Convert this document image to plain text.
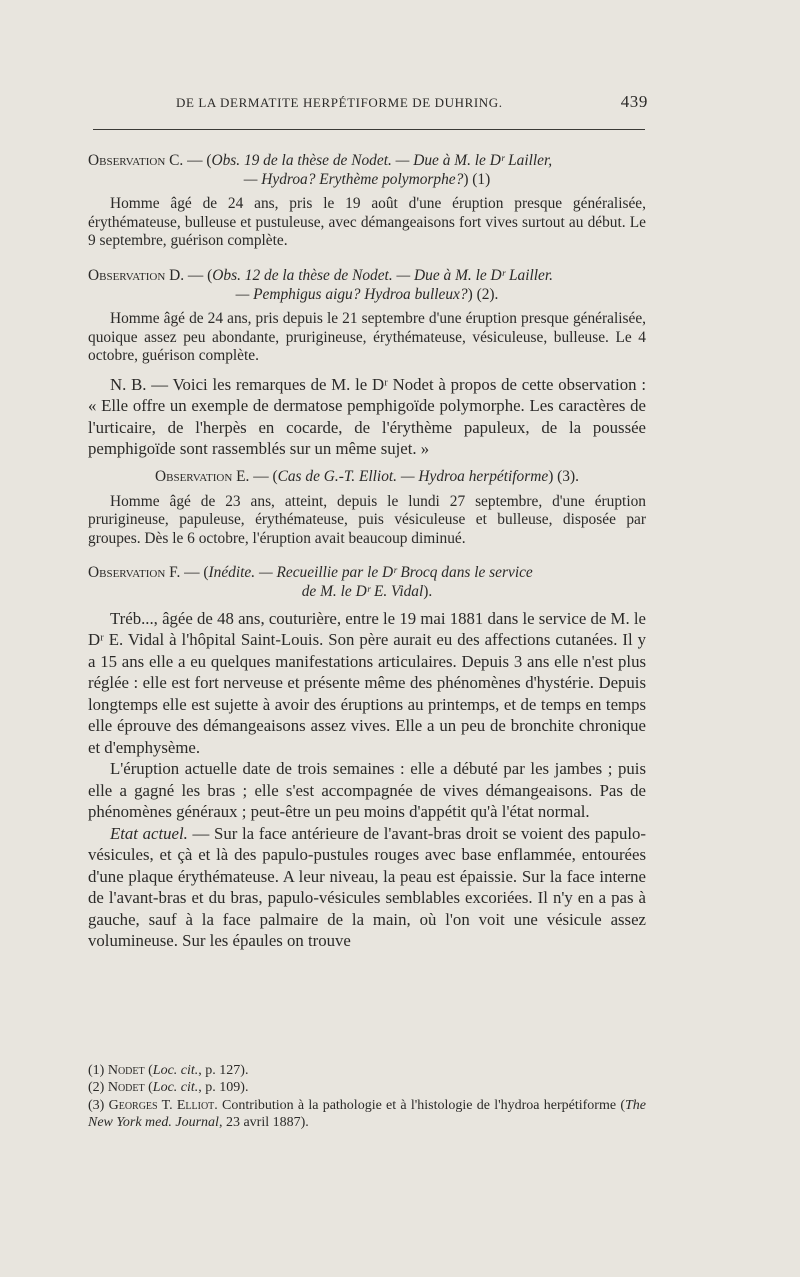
DE LA DERMATITE HERPÉTIFORME DE DUHRING.	439
Observation C. — (Obs. 19 de la thèse de Nodet. — Due à M. le Dʳ Lailler,
— Hydroa? Erythème polymorphe?) (1)

Homme âgé de 24 ans, pris le 19 août d'une éruption presque généralisée, érythémateuse, bulleuse et pustuleuse, avec démangeaisons fort vives surtout au début. Le 9 septembre, guérison complète.

Observation D. — (Obs. 12 de la thèse de Nodet. — Due à M. le Dʳ Lailler.
— Pemphigus aigu? Hydroa bulleux?) (2).

Homme âgé de 24 ans, pris depuis le 21 septembre d'une éruption presque généralisée, quoique assez peu abondante, prurigineuse, érythémateuse, vésiculeuse, bulleuse. Le 4 octobre, guérison complète.

N. B. — Voici les remarques de M. le Dʳ Nodet à propos de cette observation : « Elle offre un exemple de dermatose pemphigoïde polymorphe. Les caractères de l'urticaire, de l'herpès en cocarde, de l'érythème papuleux, de la poussée pemphigoïde sont rassemblés sur un même sujet. »

Observation E. — (Cas de G.-T. Elliot. — Hydroa herpétiforme) (3).

Homme âgé de 23 ans, atteint, depuis le lundi 27 septembre, d'une éruption prurigineuse, papuleuse, érythémateuse, puis vésiculeuse et bulleuse, disposée par groupes. Dès le 6 octobre, l'éruption avait beaucoup diminué.

Observation F. — (Inédite. — Recueillie par le Dʳ Brocq dans le service
de M. le Dʳ E. Vidal).

Tréb..., âgée de 48 ans, couturière, entre le 19 mai 1881 dans le service de M. le Dʳ E. Vidal à l'hôpital Saint-Louis. Son père aurait eu des affections cutanées. Il y a 15 ans elle a eu quelques manifestations articulaires. Depuis 3 ans elle n'est plus réglée : elle est fort nerveuse et présente même des phénomènes d'hystérie. Depuis longtemps elle est sujette à avoir des éruptions au printemps, et de temps en temps elle éprouve des démangeaisons assez vives. Elle a un peu de bronchite chronique et d'emphysème.

L'éruption actuelle date de trois semaines : elle a débuté par les jambes ; puis elle a gagné les bras ; elle s'est accompagnée de vives démangeaisons. Pas de phénomènes généraux ; peut-être un peu moins d'appétit qu'à l'état normal.

Etat actuel. — Sur la face antérieure de l'avant-bras droit se voient des papulo-vésicules, et çà et là des papulo-pustules rouges avec base enflammée, entourées d'une plaque érythémateuse. A leur niveau, la peau est épaissie. Sur la face interne de l'avant-bras et du bras, papulo-vésicules semblables excoriées. Il n'y en a pas à gauche, sauf à la face palmaire de la main, où l'on voit une vésicule assez volumineuse. Sur les épaules on trouve

(1) Nodet (Loc. cit., p. 127).
(2) Nodet (Loc. cit., p. 109).
(3) Georges T. Elliot. Contribution à la pathologie et à l'histologie de l'hydroa herpétiforme (The New York med. Journal, 23 avril 1887).
